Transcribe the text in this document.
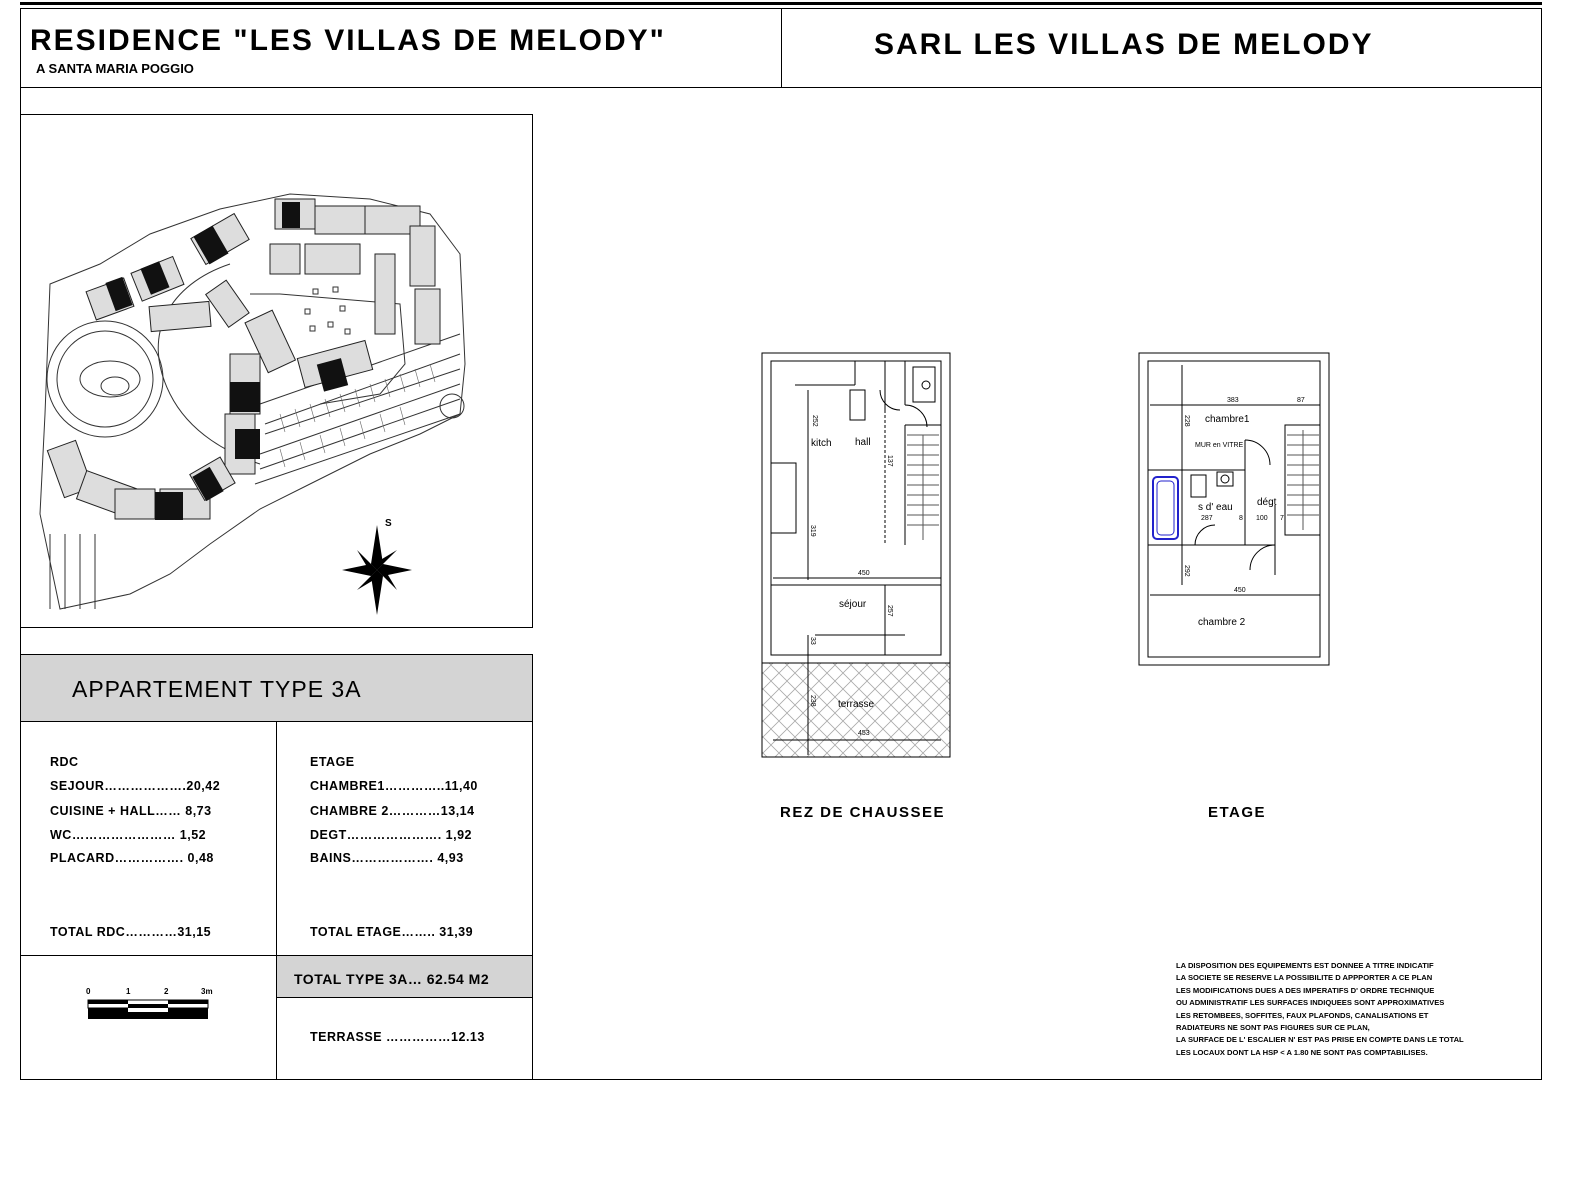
RESIDENCE "LES VILLAS DE MELODY"
A SANTA MARIA POGGIO
SARL LES VILLAS DE MELODY
S
APPARTEMENT TYPE 3A
RDC
SEJOUR……………….20,42
CUISINE + HALL…… 8,73
WC…………………… 1,52
PLACARD……………. 0,48
TOTAL RDC…………31,15
ETAGE
CHAMBRE1…………..11,40
CHAMBRE 2…………13,14
DEGT…………………. 1,92
BAINS………………. 4,93
TOTAL ETAGE…….. 31,39
TOTAL TYPE 3A… 62.54 M2
TERRASSE ……………12.13
0	1	2	3m
kitch hall
séjour
terrasse
450
453
252
319
257
238
33
137
REZ DE CHAUSSEE
chambre1
s d' eau dégt
chambre 2
MUR en VITRE
383	87
450
228
287	8 100 7
292
ETAGE
LA DISPOSITION DES EQUIPEMENTS EST DONNEE A TITRE INDICATIF
LA SOCIETE SE RESERVE LA POSSIBILITE D APPPORTER A CE PLAN
LES MODIFICATIONS DUES A DES IMPERATIFS D' ORDRE TECHNIQUE
OU ADMINISTRATIF LES SURFACES INDIQUEES SONT APPROXIMATIVES
LES RETOMBEES, SOFFITES, FAUX PLAFONDS, CANALISATIONS ET
RADIATEURS NE SONT PAS FIGURES SUR CE PLAN,
LA SURFACE DE L' ESCALIER N' EST PAS PRISE EN COMPTE DANS LE TOTAL
LES LOCAUX DONT LA HSP < A 1.80 NE SONT PAS COMPTABILISES.
